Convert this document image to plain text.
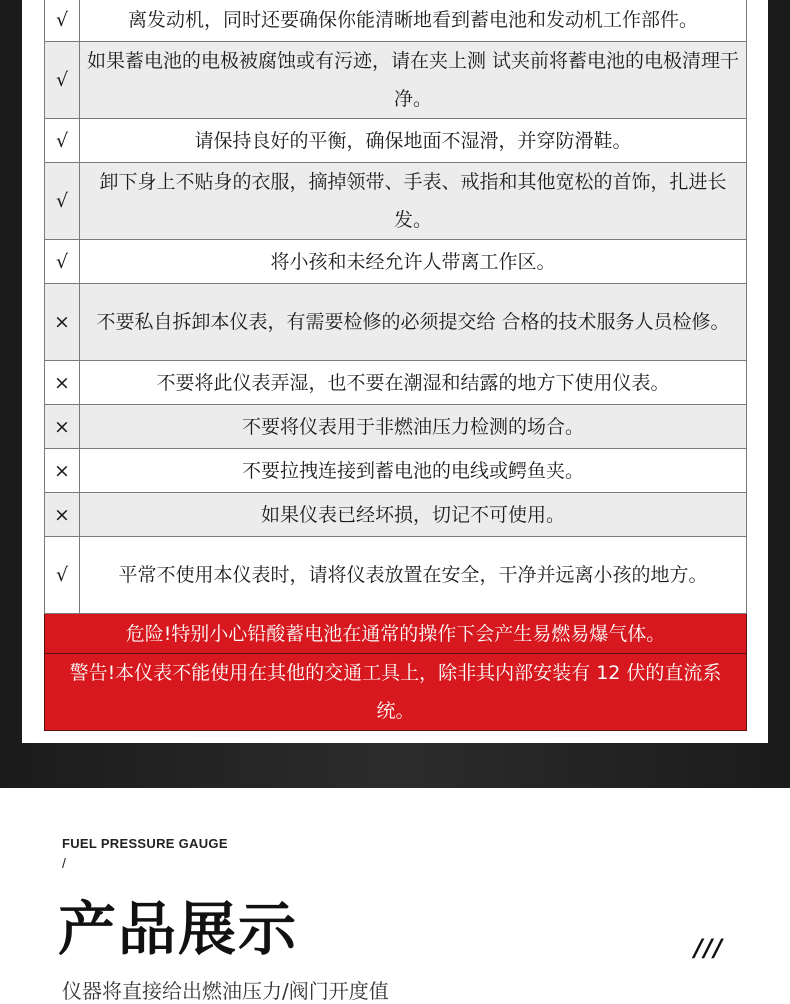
√	离发动机，同时还要确保你能清晰地看到蓄电池和发动机工作部件。
√	如果蓄电池的电极被腐蚀或有污迹，请在夹上测 试夹前将蓄电池的电极清理干净。
√	请保持良好的平衡，确保地面不湿滑，并穿防滑鞋。
√	卸下身上不贴身的衣服，摘掉领带、手表、戒指和其他宽松的首饰，扎进长发。
√	将小孩和未经允许人带离工作区。
×	不要私自拆卸本仪表，有需要检修的必须提交给 合格的技术服务人员检修。
×	不要将此仪表弄湿，也不要在潮湿和结露的地方下使用仪表。
×	不要将仪表用于非燃油压力检测的场合。
×	不要拉拽连接到蓄电池的电线或鳄鱼夹。
×	如果仪表已经坏损，切记不可使用。
√	平常不使用本仪表时，请将仪表放置在安全，干净并远离小孩的地方。
危险!特别小心铅酸蓄电池在通常的操作下会产生易燃易爆气体。	
警告!本仪表不能使用在其他的交通工具上，除非其内部安装有 12 伏的直流系统。	
FUEL PRESSURE GAUGE
/
产品展示	///
仪器将直接给出燃油压力/阀门开度值
